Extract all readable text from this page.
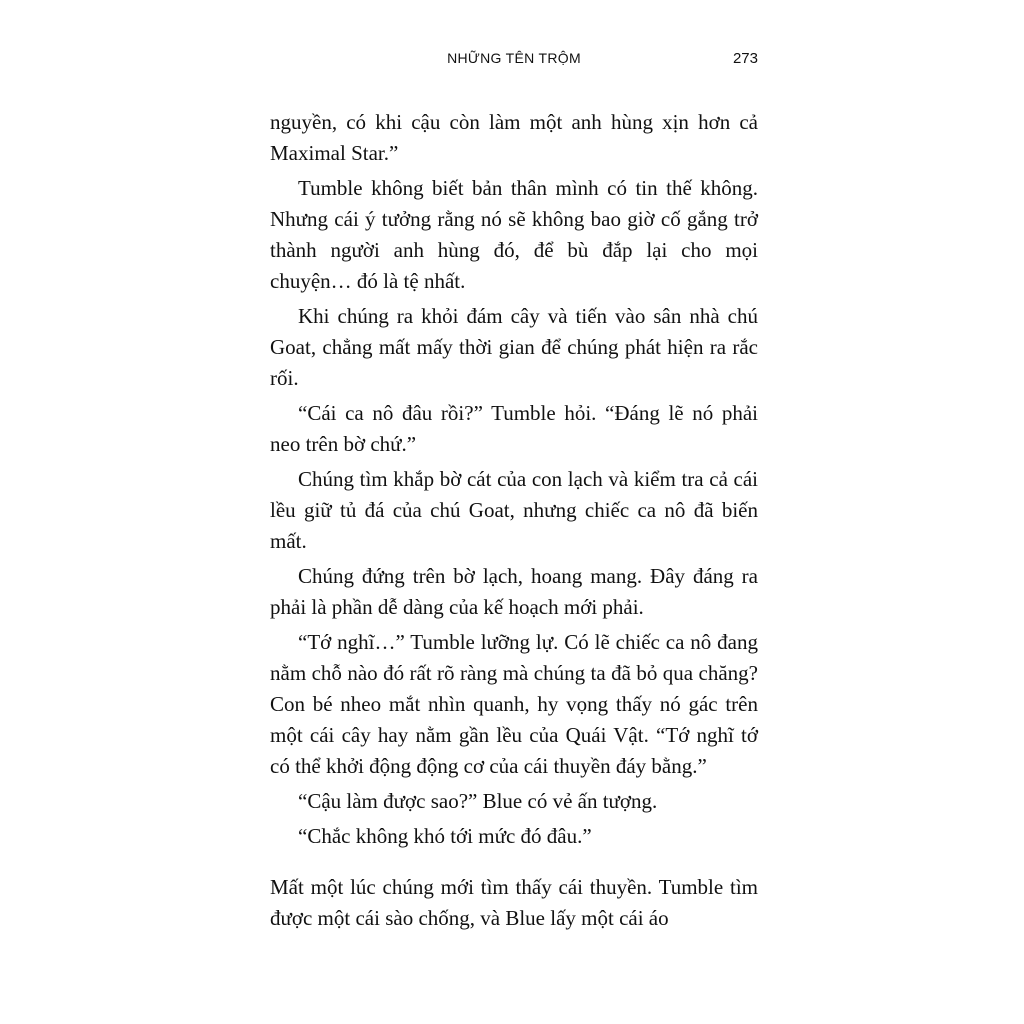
NHỮNG TÊN TRỘM	273

nguyền, có khi cậu còn làm một anh hùng xịn hơn cả Maximal Star.”

Tumble không biết bản thân mình có tin thế không. Nhưng cái ý tưởng rằng nó sẽ không bao giờ cố gắng trở thành người anh hùng đó, để bù đắp lại cho mọi chuyện… đó là tệ nhất.

Khi chúng ra khỏi đám cây và tiến vào sân nhà chú Goat, chẳng mất mấy thời gian để chúng phát hiện ra rắc rối.

“Cái ca nô đâu rồi?” Tumble hỏi. “Đáng lẽ nó phải neo trên bờ chứ.”

Chúng tìm khắp bờ cát của con lạch và kiểm tra cả cái lều giữ tủ đá của chú Goat, nhưng chiếc ca nô đã biến mất.

Chúng đứng trên bờ lạch, hoang mang. Đây đáng ra phải là phần dễ dàng của kế hoạch mới phải.

“Tớ nghĩ…” Tumble lưỡng lự. Có lẽ chiếc ca nô đang nằm chỗ nào đó rất rõ ràng mà chúng ta đã bỏ qua chăng? Con bé nheo mắt nhìn quanh, hy vọng thấy nó gác trên một cái cây hay nằm gần lều của Quái Vật. “Tớ nghĩ tớ có thể khởi động động cơ của cái thuyền đáy bằng.”

“Cậu làm được sao?” Blue có vẻ ấn tượng.

“Chắc không khó tới mức đó đâu.”

Mất một lúc chúng mới tìm thấy cái thuyền. Tumble tìm được một cái sào chống, và Blue lấy một cái áo
